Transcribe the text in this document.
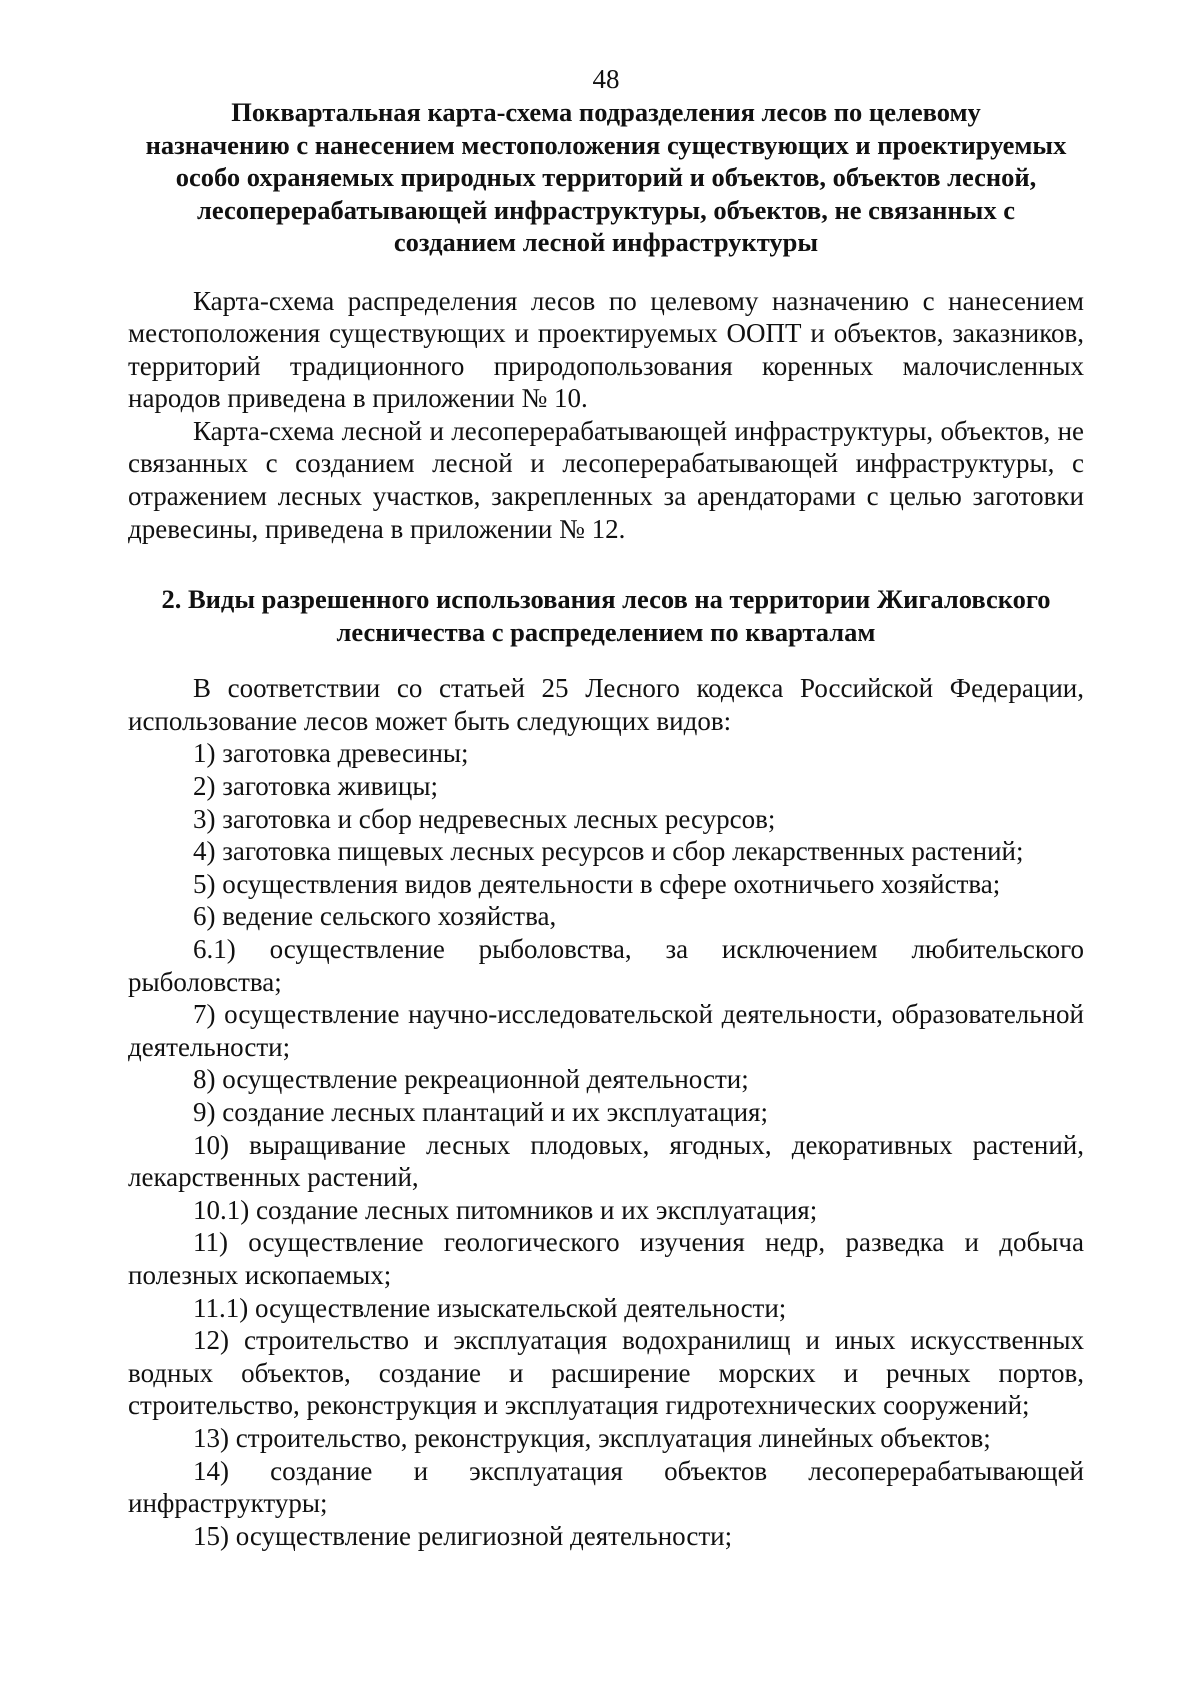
48

Поквартальная карта-схема подразделения лесов по целевому
назначению с нанесением местоположения существующих и проектируемых
особо охраняемых природных территорий и объектов, объектов лесной,
лесоперерабатывающей инфраструктуры, объектов, не связанных с
созданием лесной инфраструктуры

Карта-схема распределения лесов по целевому назначению с нанесением местоположения существующих и проектируемых ООПТ и объектов, заказников, территорий традиционного природопользования коренных малочисленных народов приведена в приложении № 10.

Карта-схема лесной и лесоперерабатывающей инфраструктуры, объектов, не связанных с созданием лесной и лесоперерабатывающей инфраструктуры, с отражением лесных участков, закрепленных за арендаторами с целью заготовки древесины, приведена в приложении № 12.

2. Виды разрешенного использования лесов на территории Жигаловского
лесничества с распределением по кварталам

В соответствии со статьей 25 Лесного кодекса Российской Федерации, использование лесов может быть следующих видов:

1) заготовка древесины;
2) заготовка живицы;
3) заготовка и сбор недревесных лесных ресурсов;
4) заготовка пищевых лесных ресурсов и сбор лекарственных растений;
5) осуществления видов деятельности в сфере охотничьего хозяйства;
6) ведение сельского хозяйства,
6.1) осуществление рыболовства, за исключением любительского рыболовства;
7) осуществление научно-исследовательской деятельности, образовательной деятельности;
8) осуществление рекреационной деятельности;
9) создание лесных плантаций и их эксплуатация;
10) выращивание лесных плодовых, ягодных, декоративных растений, лекарственных растений,
10.1) создание лесных питомников и их эксплуатация;
11) осуществление геологического изучения недр, разведка и добыча полезных ископаемых;
11.1) осуществление изыскательской деятельности;
12) строительство и эксплуатация водохранилищ и иных искусственных водных объектов, создание и расширение морских и речных портов, строительство, реконструкция и эксплуатация гидротехнических сооружений;
13) строительство, реконструкция, эксплуатация линейных объектов;
14) создание и эксплуатация объектов лесоперерабатывающей инфраструктуры;
15) осуществление религиозной деятельности;
